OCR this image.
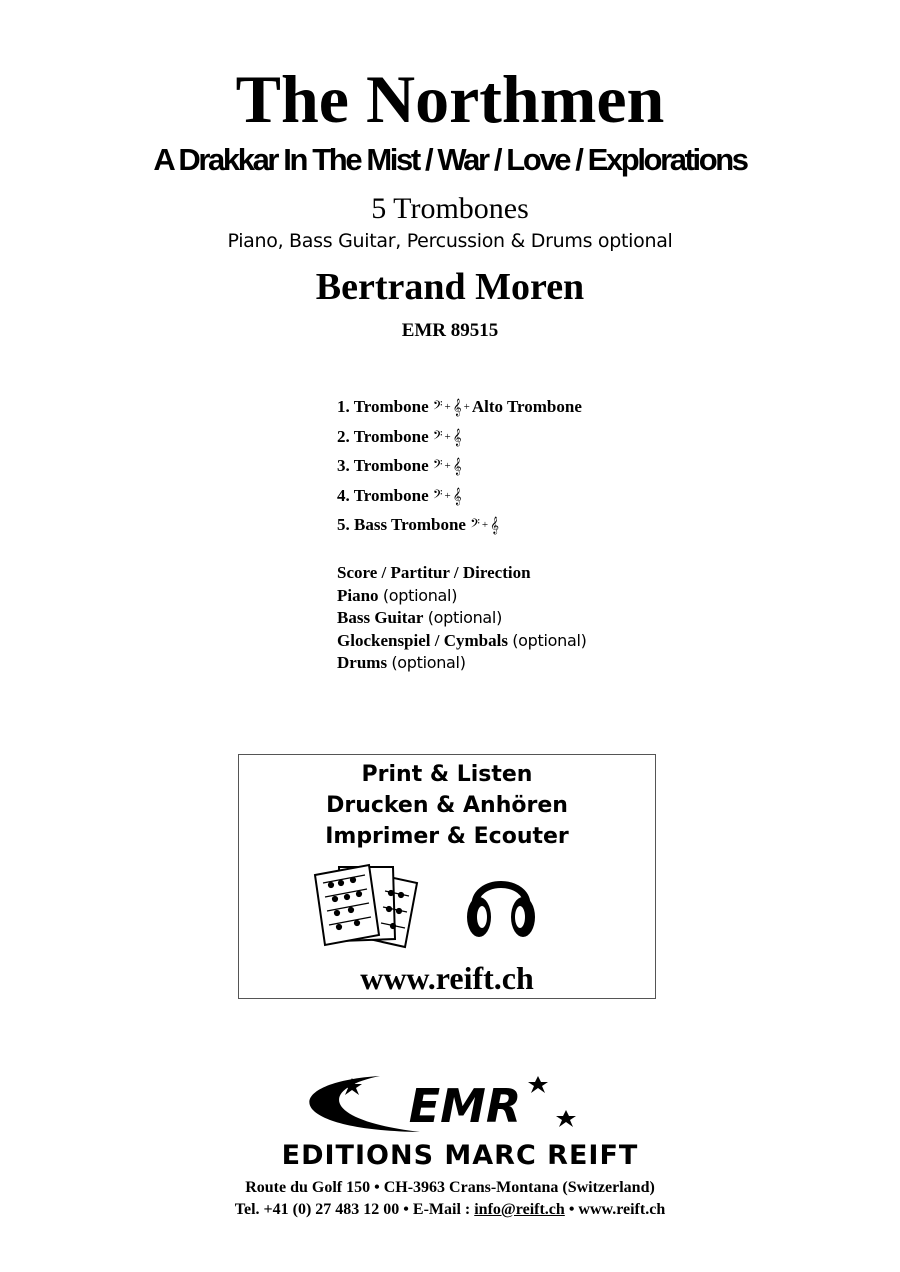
The Northmen
A Drakkar In The Mist / War / Love / Explorations
5 Trombones
Piano, Bass Guitar, Percussion & Drums optional
Bertrand Moren
EMR 89515
1. Trombone 𝄢 + 𝄞 + Alto Trombone
2. Trombone 𝄢 + 𝄞
3. Trombone 𝄢 + 𝄞
4. Trombone 𝄢 + 𝄞
5. Bass Trombone 𝄢 + 𝄞
Score / Partitur / Direction
Piano (optional)
Bass Guitar (optional)
Glockenspiel / Cymbals (optional)
Drums (optional)
Print & Listen
Drucken & Anhören
Imprimer & Ecouter
www.reift.ch
EMR
EDITIONS MARC REIFT
Route du Golf 150 • CH-3963 Crans-Montana (Switzerland)
Tel. +41 (0) 27 483 12 00 • E-Mail : info@reift.ch • www.reift.ch
